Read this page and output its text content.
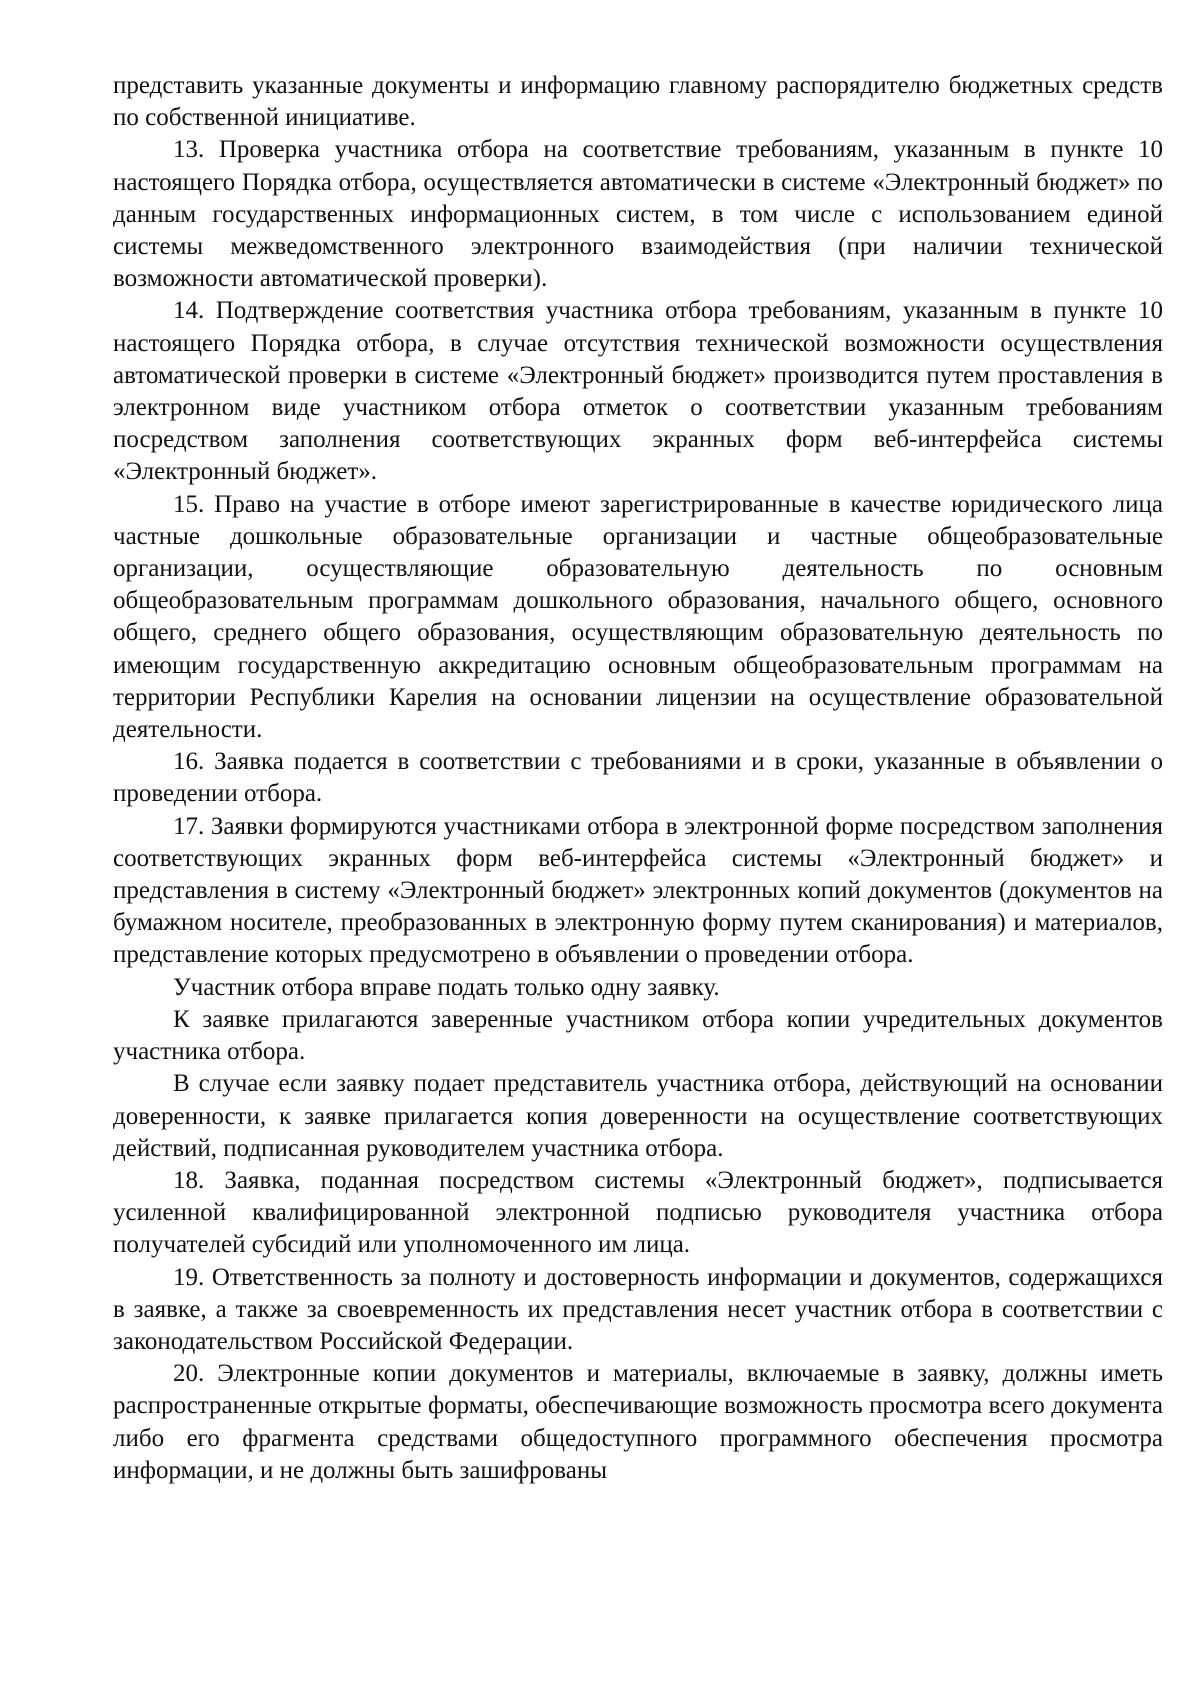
представить указанные документы и информацию главному распорядителю бюджетных средств по собственной инициативе.

13. Проверка участника отбора на соответствие требованиям, указанным в пункте 10 настоящего Порядка отбора, осуществляется автоматически в системе «Электронный бюджет» по данным государственных информационных систем, в том числе с использованием единой системы межведомственного электронного взаимодействия (при наличии технической возможности автоматической проверки).

14. Подтверждение соответствия участника отбора требованиям, указанным в пункте 10 настоящего Порядка отбора, в случае отсутствия технической возможности осуществления автоматической проверки в системе «Электронный бюджет» производится путем проставления в электронном виде участником отбора отметок о соответствии указанным требованиям посредством заполнения соответствующих экранных форм веб-интерфейса системы «Электронный бюджет».

15. Право на участие в отборе имеют зарегистрированные в качестве юридического лица частные дошкольные образовательные организации и частные общеобразовательные организации, осуществляющие образовательную деятельность по основным общеобразовательным программам дошкольного образования, начального общего, основного общего, среднего общего образования, осуществляющим образовательную деятельность по имеющим государственную аккредитацию основным общеобразовательным программам на территории Республики Карелия на основании лицензии на осуществление образовательной деятельности.

16. Заявка подается в соответствии с требованиями и в сроки, указанные в объявлении о проведении отбора.

17. Заявки формируются участниками отбора в электронной форме посредством заполнения соответствующих экранных форм веб-интерфейса системы «Электронный бюджет» и представления в систему «Электронный бюджет» электронных копий документов (документов на бумажном носителе, преобразованных в электронную форму путем сканирования) и материалов, представление которых предусмотрено в объявлении о проведении отбора.

Участник отбора вправе подать только одну заявку.

К заявке прилагаются заверенные участником отбора копии учредительных документов участника отбора.

В случае если заявку подает представитель участника отбора, действующий на основании доверенности, к заявке прилагается копия доверенности на осуществление соответствующих действий, подписанная руководителем участника отбора.

18. Заявка, поданная посредством системы «Электронный бюджет», подписывается усиленной квалифицированной электронной подписью руководителя участника отбора получателей субсидий или уполномоченного им лица.

19. Ответственность за полноту и достоверность информации и документов, содержащихся в заявке, а также за своевременность их представления несет участник отбора в соответствии с законодательством Российской Федерации.

20. Электронные копии документов и материалы, включаемые в заявку, должны иметь распространенные открытые форматы, обеспечивающие возможность просмотра всего документа либо его фрагмента средствами общедоступного программного обеспечения просмотра информации, и не должны быть зашифрованы
